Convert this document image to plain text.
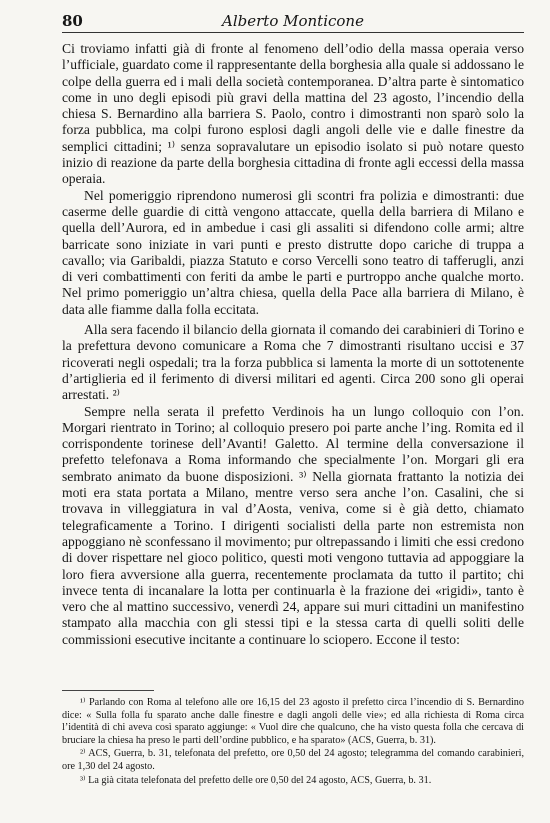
80	Alberto Monticone

Ci troviamo infatti già di fronte al fenomeno dell’odio della massa operaia verso l’ufficiale, guardato come il rappresentante della borghesia alla quale si addossano le colpe della guerra ed i mali della società contemporanea. D’altra parte è sintomatico come in uno degli episodi più gravi della mattina del 23 agosto, l’incendio della chiesa S. Bernardino alla barriera S. Paolo, contro i dimostranti non sparò solo la forza pubblica, ma colpi furono esplosi dagli angoli delle vie e dalle finestre da semplici cittadini; ¹⁾ senza sopravalutare un episodio isolato si può notare questo inizio di reazione da parte della borghesia cittadina di fronte agli eccessi della massa operaia.

Nel pomeriggio riprendono numerosi gli scontri fra polizia e dimostranti: due caserme delle guardie di città vengono attaccate, quella della barriera di Milano e quella dell’Aurora, ed in ambedue i casi gli assaliti si difendono colle armi; altre barricate sono iniziate in vari punti e presto distrutte dopo cariche di truppa a cavallo; via Garibaldi, piazza Statuto e corso Vercelli sono teatro di tafferugli, anzi di veri combattimenti con feriti da ambe le parti e purtroppo anche qualche morto. Nel primo pomeriggio un’altra chiesa, quella della Pace alla barriera di Milano, è data alle fiamme dalla folla eccitata.

Alla sera facendo il bilancio della giornata il comando dei carabinieri di Torino e la prefettura devono comunicare a Roma che 7 dimostranti risultano uccisi e 37 ricoverati negli ospedali; tra la forza pubblica si lamenta la morte di un sottotenente d’artiglieria ed il ferimento di diversi militari ed agenti. Circa 200 sono gli operai arrestati. ²⁾

Sempre nella serata il prefetto Verdinois ha un lungo colloquio con l’on. Morgari rientrato in Torino; al colloquio presero poi parte anche l’ing. Romita ed il corrispondente torinese dell’Avanti! Galetto. Al termine della conversazione il prefetto telefonava a Roma informando che specialmente l’on. Morgari gli era sembrato animato da buone disposizioni. ³⁾ Nella giornata frattanto la notizia dei moti era stata portata a Milano, mentre verso sera anche l’on. Casalini, che si trovava in villeggiatura in val d’Aosta, veniva, come si è già detto, chiamato telegraficamente a Torino. I dirigenti socialisti della parte non estremista non appoggiano nè sconfessano il movimento; pur oltrepassando i limiti che essi credono di dover rispettare nel gioco politico, questi moti vengono tuttavia ad appoggiare la loro fiera avversione alla guerra, recentemente proclamata da tutto il partito; chi invece tenta di incanalare la lotta per continuarla è la frazione dei «rigidi», tanto è vero che al mattino successivo, venerdì 24, appare sui muri cittadini un manifestino stampato alla macchia con gli stessi tipi e la stessa carta di quelli soliti delle commissioni esecutive incitante a continuare lo sciopero. Eccone il testo:

¹⁾ Parlando con Roma al telefono alle ore 16,15 del 23 agosto il prefetto circa l’incendio di S. Bernardino dice: « Sulla folla fu sparato anche dalle finestre e dagli angoli delle vie»; ed alla richiesta di Roma circa l’identità di chi aveva così sparato aggiunge: « Vuol dire che qualcuno, che ha visto questa folla che cercava di bruciare la chiesa ha preso le parti dell’ordine pubblico, e ha sparato» (ACS, Guerra, b. 31).

²⁾ ACS, Guerra, b. 31, telefonata del prefetto, ore 0,50 del 24 agosto; telegramma del comando carabinieri, ore 1,30 del 24 agosto.

³⁾ La già citata telefonata del prefetto delle ore 0,50 del 24 agosto, ACS, Guerra, b. 31.
